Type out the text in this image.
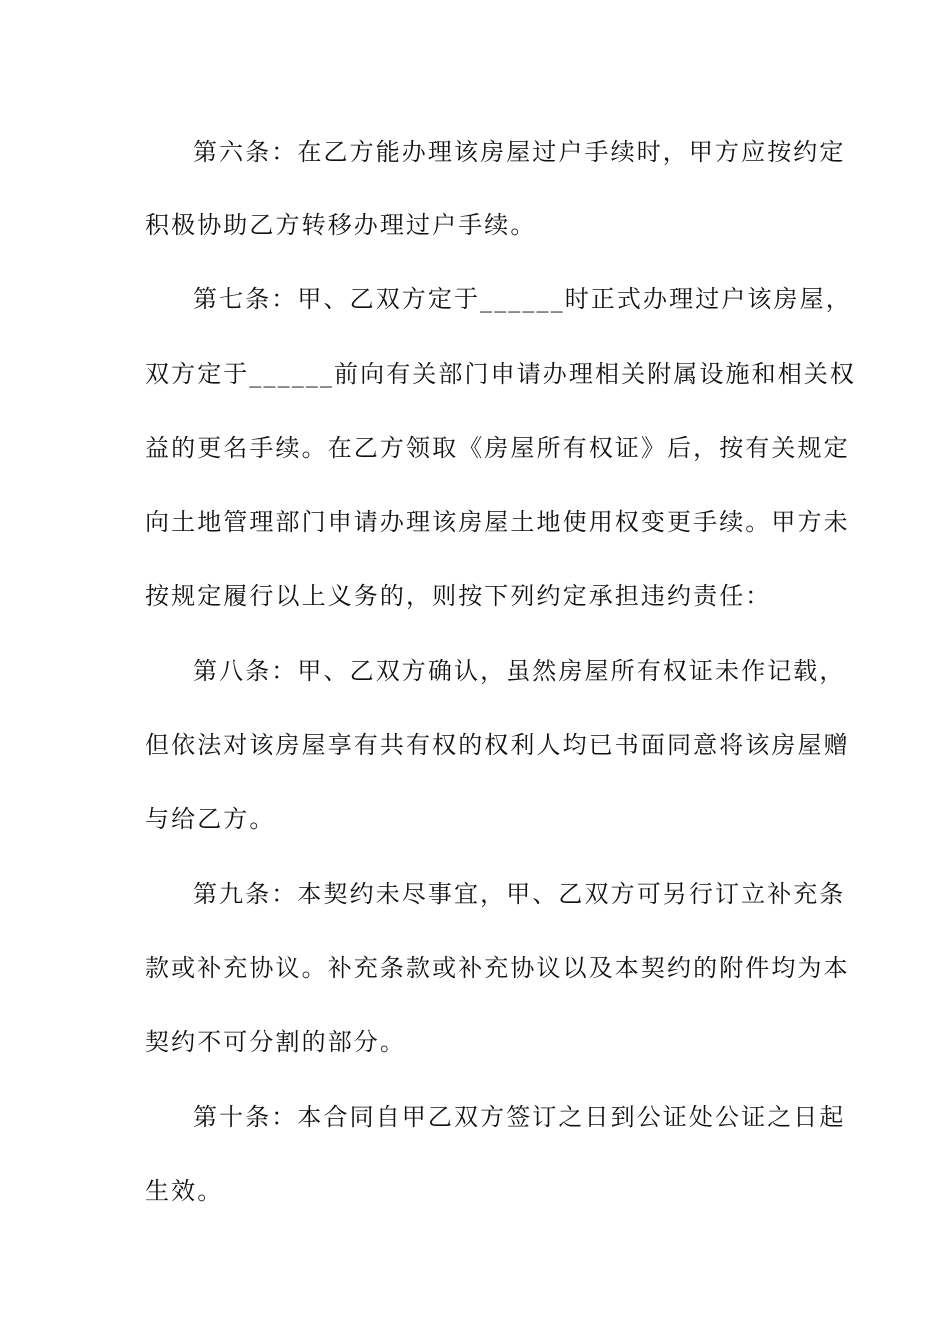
第六条：在乙方能办理该房屋过户手续时，甲方应按约定
积极协助乙方转移办理过户手续。
第七条：甲、乙双方定于______时正式办理过户该房屋，
双方定于______前向有关部门申请办理相关附属设施和相关权
益的更名手续。在乙方领取《房屋所有权证》后，按有关规定
向土地管理部门申请办理该房屋土地使用权变更手续。甲方未
按规定履行以上义务的，则按下列约定承担违约责任：
第八条：甲、乙双方确认，虽然房屋所有权证未作记载，
但依法对该房屋享有共有权的权利人均已书面同意将该房屋赠
与给乙方。
第九条：本契约未尽事宜，甲、乙双方可另行订立补充条
款或补充协议。补充条款或补充协议以及本契约的附件均为本
契约不可分割的部分。
第十条：本合同自甲乙双方签订之日到公证处公证之日起
生效。
